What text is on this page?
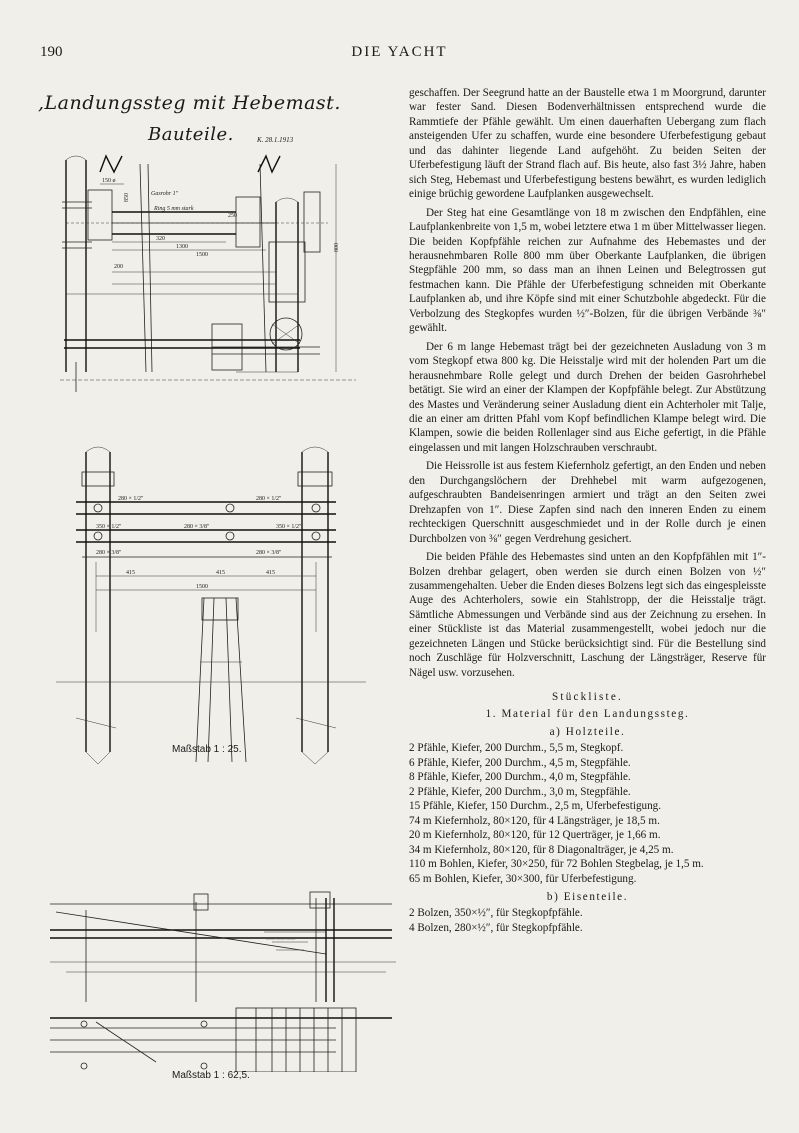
190	DIE YACHT
,Landungssteg mit Hebemast.
Bauteile.	K. 28.1.1913
150 ø
Gasrohr 1"
Ring 5 mm stark
320
1300
1500
250
800
850
200
280 × 1/2"	280 × 1/2"
350 × 1/2"	280 × 3/8"	350 × 1/2"
280 × 3/8"	280 × 3/8"
415	415	415
1500
Maßstab 1 : 25.
—— —— ——
Maßstab 1 : 62,5.

geschaffen. Der Seegrund hatte an der Baustelle etwa 1 m Moorgrund, darunter war fester Sand. Diesen Bodenverhältnissen entsprechend wurde die Rammtiefe der Pfähle gewählt. Um einen dauerhaften Uebergang zum flach ansteigenden Ufer zu schaffen, wurde eine besondere Uferbefestigung gebaut und das dahinter liegende Land aufgehöht. Zu beiden Seiten der Uferbefestigung läuft der Strand flach auf. Bis heute, also fast 3½ Jahre, haben sich Steg, Hebemast und Uferbefestigung bestens bewährt, es wurden lediglich einige brüchig gewordene Laufplanken ausgewechselt.

Der Steg hat eine Gesamtlänge von 18 m zwischen den Endpfählen, eine Laufplankenbreite von 1,5 m, wobei letztere etwa 1 m über Mittelwasser liegen. Die beiden Kopfpfähle reichen zur Aufnahme des Hebemastes und der herausnehmbaren Rolle 800 mm über Oberkante Laufplanken, die übrigen Stegpfähle 200 mm, so dass man an ihnen Leinen und Belegtrossen gut festmachen kann. Die Pfähle der Uferbefestigung schneiden mit Oberkante Laufplanken ab, und ihre Köpfe sind mit einer Schutzbohle abgedeckt. Für die Verbolzung des Stegkopfes wurden ½″-Bolzen, für die übrigen Verbände ⅜″ gewählt.

Der 6 m lange Hebemast trägt bei der gezeichneten Ausladung von 3 m vom Stegkopf etwa 800 kg. Die Heisstalje wird mit der holenden Part um die herausnehmbare Rolle gelegt und durch Drehen der beiden Gasrohrhebel betätigt. Sie wird an einer der Klampen der Kopfpfähle belegt. Zur Abstützung des Mastes und Veränderung seiner Ausladung dient ein Achterholer mit Talje, die an einer am dritten Pfahl vom Kopf befindlichen Klampe belegt wird. Die Klampen, sowie die beiden Rollenlager sind aus Eiche gefertigt, in die Pfähle eingelassen und mit langen Holzschrauben verschraubt.

Die Heissrolle ist aus festem Kiefernholz gefertigt, an den Enden und neben den Durchgangslöchern der Drehhebel mit warm aufgezogenen, aufgeschraubten Bandeisenringen armiert und trägt an den Seiten zwei Drehzapfen von 1″. Diese Zapfen sind nach den inneren Enden zu einem rechteckigen Querschnitt ausgeschmiedet und in der Rolle durch je einen Durchbolzen von ⅜″ gegen Verdrehung gesichert.

Die beiden Pfähle des Hebemastes sind unten an den Kopfpfählen mit 1″-Bolzen drehbar gelagert, oben werden sie durch einen Bolzen von ½″ zusammengehalten. Ueber die Enden dieses Bolzens legt sich das eingespleisste Auge des Achterholers, sowie ein Stahlstropp, der die Heisstalje trägt. Sämtliche Abmessungen und Verbände sind aus der Zeichnung zu ersehen. In einer Stückliste ist das Material zusammengestellt, wobei jedoch nur die gezeichneten Längen und Stücke berücksichtigt sind. Für die Bestellung sind noch Zuschläge für Holzverschnitt, Laschung der Längsträger, Reserve für Nägel usw. vorzusehen.

Stückliste.
1. Material für den Landungssteg.
a) Holzteile.
2 Pfähle, Kiefer, 200 Durchm., 5,5 m, Stegkopf.
6 Pfähle, Kiefer, 200 Durchm., 4,5 m, Stegpfähle.
8 Pfähle, Kiefer, 200 Durchm., 4,0 m, Stegpfähle.
2 Pfähle, Kiefer, 200 Durchm., 3,0 m, Stegpfähle.
15 Pfähle, Kiefer, 150 Durchm., 2,5 m, Uferbefestigung.
74 m Kiefernholz, 80×120, für 4 Längsträger, je 18,5 m.
20 m Kiefernholz, 80×120, für 12 Querträger, je 1,66 m.
34 m Kiefernholz, 80×120, für 8 Diagonalträger, je 4,25 m.
110 m Bohlen, Kiefer, 30×250, für 72 Bohlen Stegbelag, je 1,5 m.
65 m Bohlen, Kiefer, 30×300, für Uferbefestigung.
b) Eisenteile.
2 Bolzen, 350×½″, für Stegkopfpfähle.
4 Bolzen, 280×½″, für Stegkopfpfähle.
